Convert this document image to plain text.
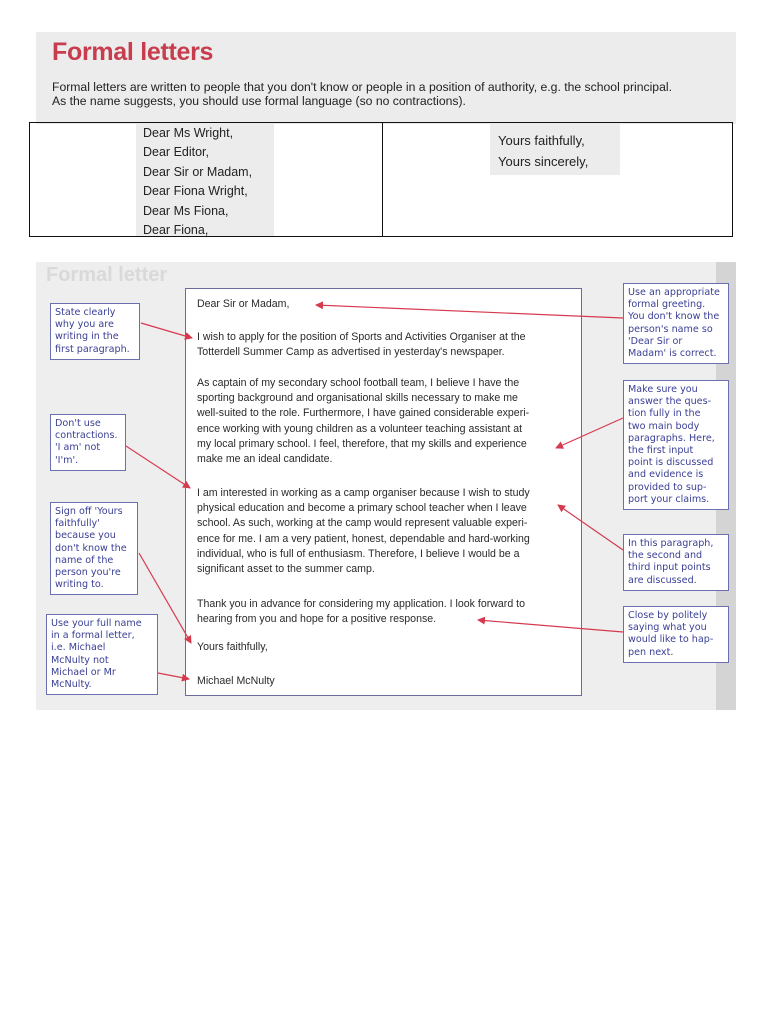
Formal letters
Formal letters are written to people that you don't know or people in a position of authority, e.g. the school principal.
As the name suggests, you should use formal language (so no contractions).
Dear Ms Wright,
Dear Editor,
Dear Sir or Madam,
Dear Fiona Wright,
Dear Ms Fiona,
Dear Fiona,
Yours faithfully,
Yours sincerely,
Formal letter
Dear Sir or Madam,
I wish to apply for the position of Sports and Activities Organiser at the
Totterdell Summer Camp as advertised in yesterday's newspaper.
As captain of my secondary school football team, I believe I have the
sporting background and organisational skills necessary to make me
well-suited to the role. Furthermore, I have gained considerable experi-
ence working with young children as a volunteer teaching assistant at
my local primary school. I feel, therefore, that my skills and experience
make me an ideal candidate.
I am interested in working as a camp organiser because I wish to study
physical education and become a primary school teacher when I leave
school. As such, working at the camp would represent valuable experi-
ence for me. I am a very patient, honest, dependable and hard-working
individual, who is full of enthusiasm. Therefore, I believe I would be a
significant asset to the summer camp.
Thank you in advance for considering my application. I look forward to
hearing from you and hope for a positive response.
Yours faithfully,
Michael McNulty
State clearly
why you are
writing in the
first paragraph.
Don't use
contractions.
'I am' not
'I'm'.
Sign off 'Yours
faithfully'
because you
don't know the
name of the
person you're
writing to.
Use your full name
in a formal letter,
i.e. Michael
McNulty not
Michael or Mr
McNulty.
Use an appropriate
formal greeting.
You don't know the
person's name so
'Dear Sir or
Madam' is correct.
Make sure you
answer the ques-
tion fully in the
two main body
paragraphs. Here,
the first input
point is discussed
and evidence is
provided to sup-
port your claims.
In this paragraph,
the second and
third input points
are discussed.
Close by politely
saying what you
would like to hap-
pen next.
